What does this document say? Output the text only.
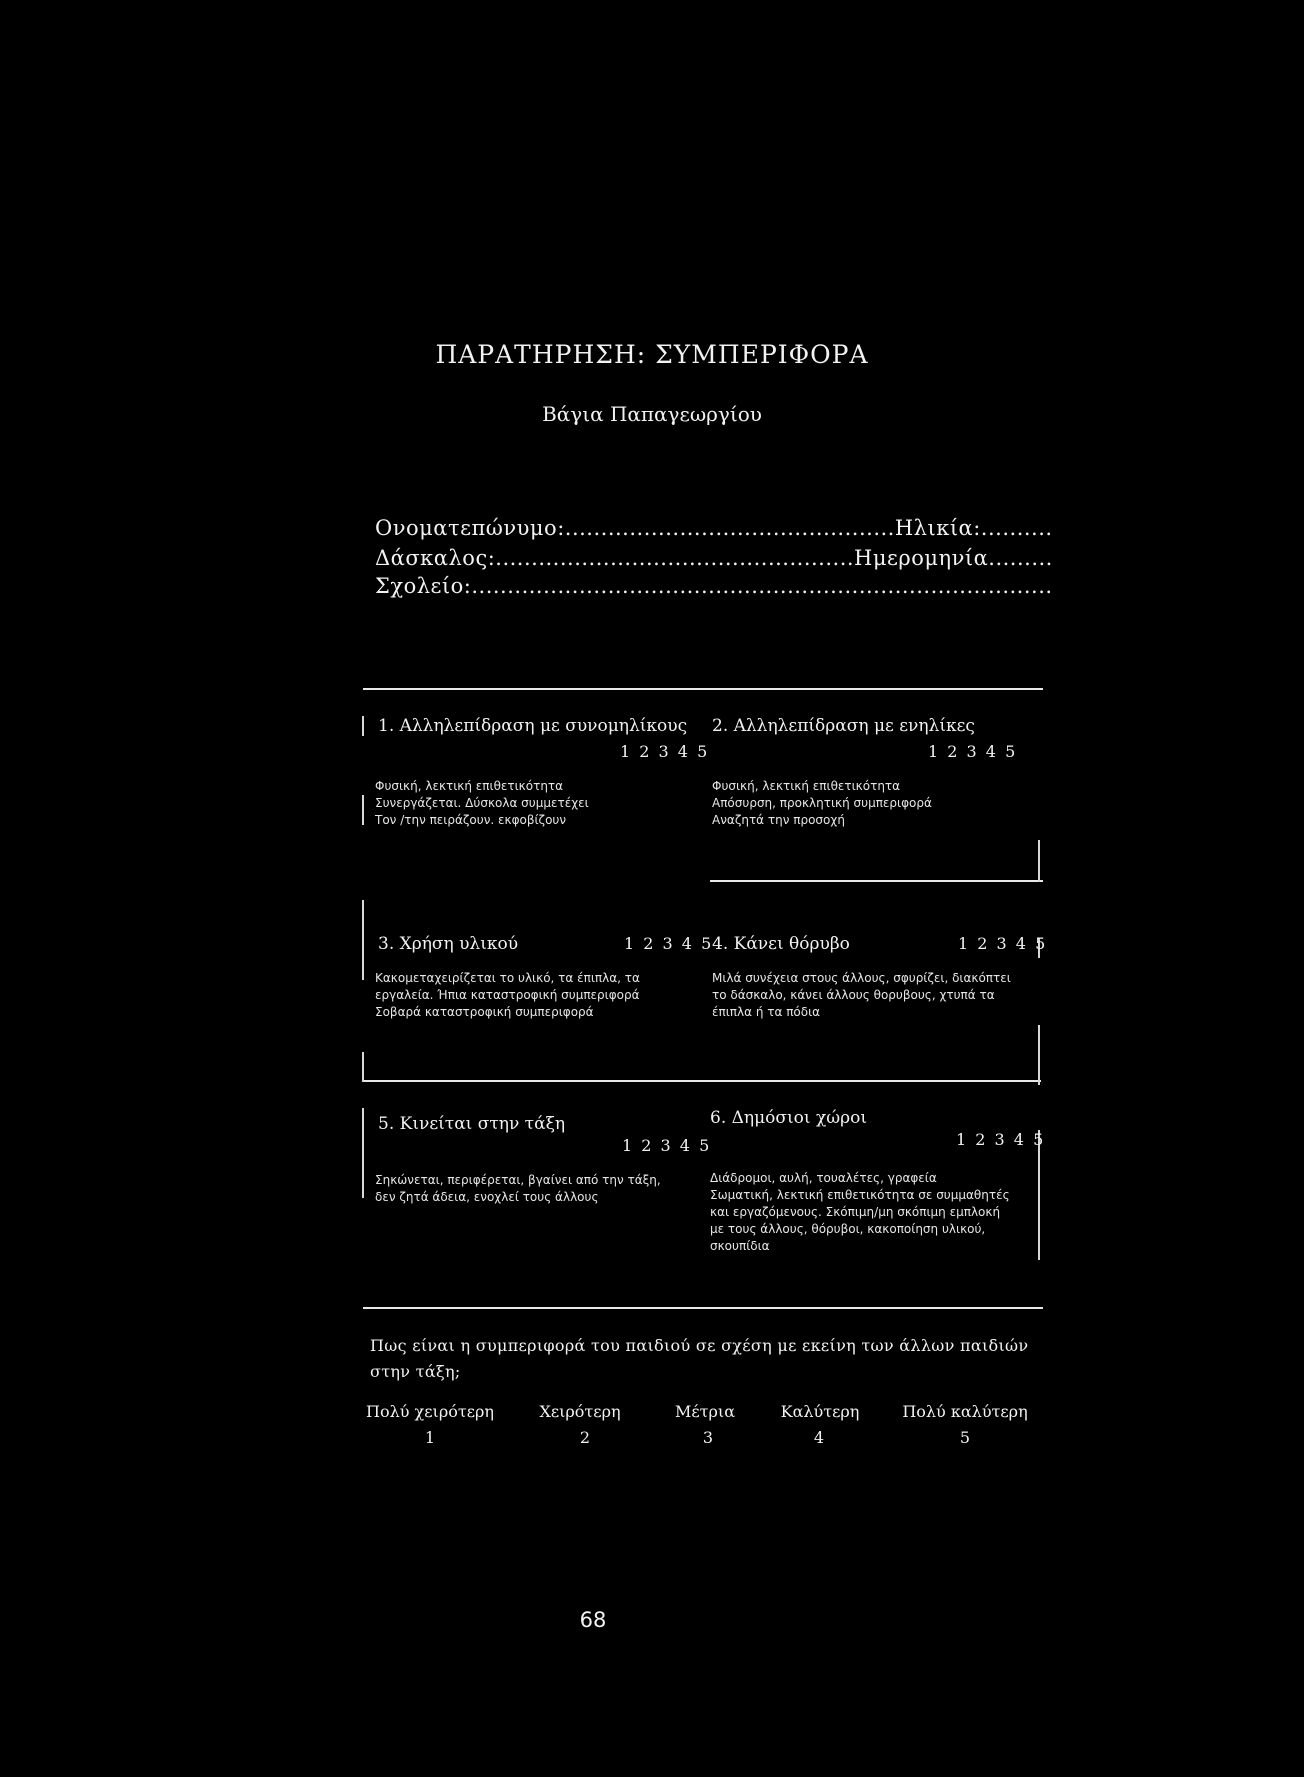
ΠΑΡΑΤΗΡΗΣΗ: ΣΥΜΠΕΡΙΦΟΡΑ
Βάγια Παπαγεωργίου
Ονοματεπώνυμο:..............................................Ηλικία:..........
Δάσκαλος:..................................................Ημερομηνία.........
Σχολείο:.................................................................................
1. Αλληλεπίδραση με συνομηλίκους
1 2 3 4 5
Φυσική, λεκτική επιθετικότητα
Συνεργάζεται. Δύσκολα συμμετέχει
Τον /την πειράζουν. εκφοβίζουν
2. Αλληλεπίδραση με ενηλίκες
1 2 3 4 5
Φυσική, λεκτική επιθετικότητα
Απόσυρση, προκλητική συμπεριφορά
Αναζητά την προσοχή
3. Χρήση υλικού	1 2 3 4 5
Κακομεταχειρίζεται το υλικό, τα έπιπλα, τα
εργαλεία. Ήπια καταστροφική συμπεριφορά
Σοβαρά καταστροφική συμπεριφορά
4. Κάνει θόρυβο	1 2 3 4 5
Μιλά συνέχεια στους άλλους, σφυρίζει, διακόπτει
το δάσκαλο, κάνει άλλους θορυβους, χτυπά τα
έπιπλα ή τα πόδια
5. Κινείται στην τάξη
1 2 3 4 5
Σηκώνεται, περιφέρεται, βγαίνει από την τάξη,
δεν ζητά άδεια, ενοχλεί τους άλλους
6. Δημόσιοι χώροι
1 2 3 4 5
Διάδρομοι, αυλή, τουαλέτες, γραφεία
Σωματική, λεκτική επιθετικότητα σε συμμαθητές
και εργαζόμενους. Σκόπιμη/μη σκόπιμη εμπλοκή
με τους άλλους, θόρυβοι, κακοποίηση υλικού,
σκουπίδια
Πως είναι η συμπεριφορά του παιδιού σε σχέση με εκείνη των άλλων παιδιών στην τάξη;
Πολύ χειρότερη	Χειρότερη	Μέτρια	Καλύτερη	Πολύ καλύτερη
1	2	3	4	5
68
